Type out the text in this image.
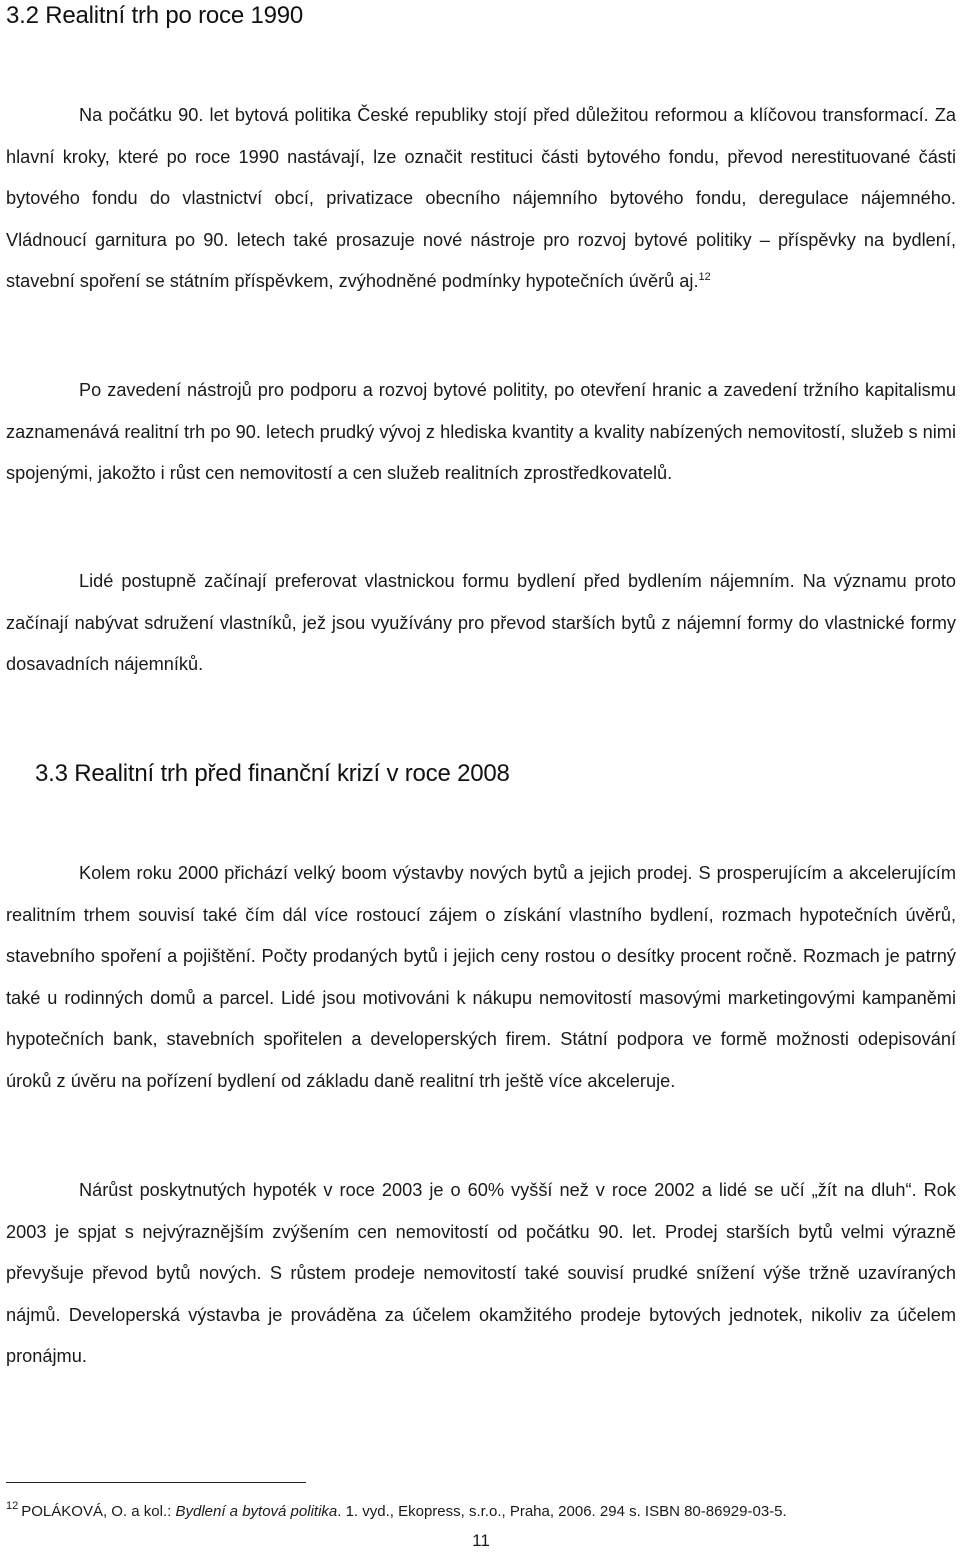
3.2 Realitní trh po roce 1990

Na počátku 90. let bytová politika České republiky stojí před důležitou reformou a klíčovou transformací. Za hlavní kroky, které po roce 1990 nastávají, lze označit restituci části bytového fondu, převod nerestituované části bytového fondu do vlastnictví obcí, privatizace obecního nájemního bytového fondu, deregulace nájemného. Vládnoucí garnitura po 90. letech také prosazuje nové nástroje pro rozvoj bytové politiky – příspěvky na bydlení, stavební spoření se státním příspěvkem, zvýhodněné podmínky hypotečních úvěrů aj.$^{12}$

Po zavedení nástrojů pro podporu a rozvoj bytové politity, po otevření hranic a zavedení tržního kapitalismu zaznamenává realitní trh po 90. letech prudký vývoj z hlediska kvantity a kvality nabízených nemovitostí, služeb s nimi spojenými, jakožto i růst cen nemovitostí a cen služeb realitních zprostředkovatelů.

Lidé postupně začínají preferovat vlastnickou formu bydlení před bydlením nájemním. Na významu proto začínají nabývat sdružení vlastníků, jež jsou využívány pro převod starších bytů z nájemní formy do vlastnické formy dosavadních nájemníků.

3.3 Realitní trh před finanční krizí v roce 2008

Kolem roku 2000 přichází velký boom výstavby nových bytů a jejich prodej. S prosperujícím a akcelerujícím realitním trhem souvisí také čím dál více rostoucí zájem o získání vlastního bydlení, rozmach hypotečních úvěrů, stavebního spoření a pojištění. Počty prodaných bytů i jejich ceny rostou o desítky procent ročně. Rozmach je patrný také u rodinných domů a parcel. Lidé jsou motivováni k nákupu nemovitostí masovými marketingovými kampaněmi hypotečních bank, stavebních spořitelen a developerských firem. Státní podpora ve formě možnosti odepisování úroků z úvěru na pořízení bydlení od základu daně realitní trh ještě více akceleruje.

Nárůst poskytnutých hypoték v roce 2003 je o 60% vyšší než v roce 2002 a lidé se učí „žít na dluh“. Rok 2003 je spjat s nejvýraznějším zvýšením cen nemovitostí od počátku 90. let. Prodej starších bytů velmi výrazně převyšuje převod bytů nových. S růstem prodeje nemovitostí také souvisí prudké snížení výše tržně uzavíraných nájmů. Developerská výstavba je prováděna za účelem okamžitého prodeje bytových jednotek, nikoliv za účelem pronájmu.

$^{12}$ POLÁKOVÁ, O. a kol.: Bydlení a bytová politika. 1. vyd., Ekopress, s.r.o., Praha, 2006. 294 s. ISBN 80-86929-03-5.

11
